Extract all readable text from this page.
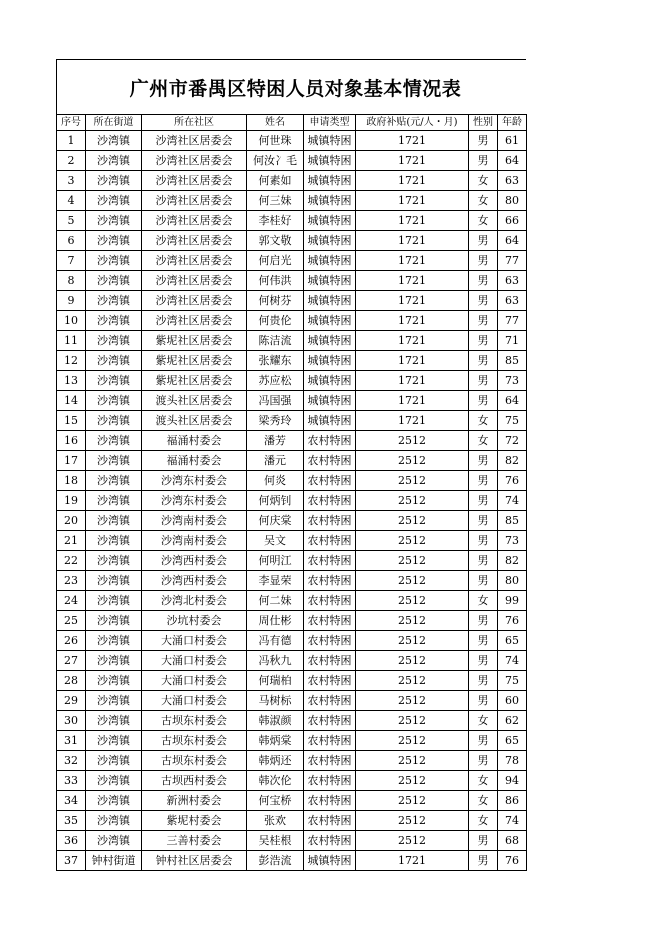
广州市番禺区特困人员对象基本情况表
序号	所在街道	所在社区	姓名	申请类型	政府补贴(元/人・月)	性别	年龄
1	沙湾镇	沙湾社区居委会	何世珠	城镇特困	1721	男	61
2	沙湾镇	沙湾社区居委会	何汝冫毛	城镇特困	1721	男	64
3	沙湾镇	沙湾社区居委会	何素如	城镇特困	1721	女	63
4	沙湾镇	沙湾社区居委会	何三妹	城镇特困	1721	女	80
5	沙湾镇	沙湾社区居委会	李桂好	城镇特困	1721	女	66
6	沙湾镇	沙湾社区居委会	郭文敬	城镇特困	1721	男	64
7	沙湾镇	沙湾社区居委会	何启光	城镇特困	1721	男	77
8	沙湾镇	沙湾社区居委会	何伟洪	城镇特困	1721	男	63
9	沙湾镇	沙湾社区居委会	何树芬	城镇特困	1721	男	63
10	沙湾镇	沙湾社区居委会	何贵伦	城镇特困	1721	男	77
11	沙湾镇	紫坭社区居委会	陈洁流	城镇特困	1721	男	71
12	沙湾镇	紫坭社区居委会	张耀东	城镇特困	1721	男	85
13	沙湾镇	紫坭社区居委会	苏应松	城镇特困	1721	男	73
14	沙湾镇	渡头社区居委会	冯国强	城镇特困	1721	男	64
15	沙湾镇	渡头社区居委会	梁秀玲	城镇特困	1721	女	75
16	沙湾镇	福涌村委会	潘芳	农村特困	2512	女	72
17	沙湾镇	福涌村委会	潘元	农村特困	2512	男	82
18	沙湾镇	沙湾东村委会	何炎	农村特困	2512	男	76
19	沙湾镇	沙湾东村委会	何炳钊	农村特困	2512	男	74
20	沙湾镇	沙湾南村委会	何庆棠	农村特困	2512	男	85
21	沙湾镇	沙湾南村委会	吴文	农村特困	2512	男	73
22	沙湾镇	沙湾西村委会	何明江	农村特困	2512	男	82
23	沙湾镇	沙湾西村委会	李显荣	农村特困	2512	男	80
24	沙湾镇	沙湾北村委会	何二妹	农村特困	2512	女	99
25	沙湾镇	沙坑村委会	周仕彬	农村特困	2512	男	76
26	沙湾镇	大涌口村委会	冯有德	农村特困	2512	男	65
27	沙湾镇	大涌口村委会	冯秋九	农村特困	2512	男	74
28	沙湾镇	大涌口村委会	何瑞柏	农村特困	2512	男	75
29	沙湾镇	大涌口村委会	马树标	农村特困	2512	男	60
30	沙湾镇	古坝东村委会	韩淑颜	农村特困	2512	女	62
31	沙湾镇	古坝东村委会	韩炳棠	农村特困	2512	男	65
32	沙湾镇	古坝东村委会	韩炳还	农村特困	2512	男	78
33	沙湾镇	古坝西村委会	韩次伦	农村特困	2512	女	94
34	沙湾镇	新洲村委会	何宝桥	农村特困	2512	女	86
35	沙湾镇	紫坭村委会	张欢	农村特困	2512	女	74
36	沙湾镇	三善村委会	吴桂根	农村特困	2512	男	68
37	钟村街道	钟村社区居委会	彭浩流	城镇特困	1721	男	76
